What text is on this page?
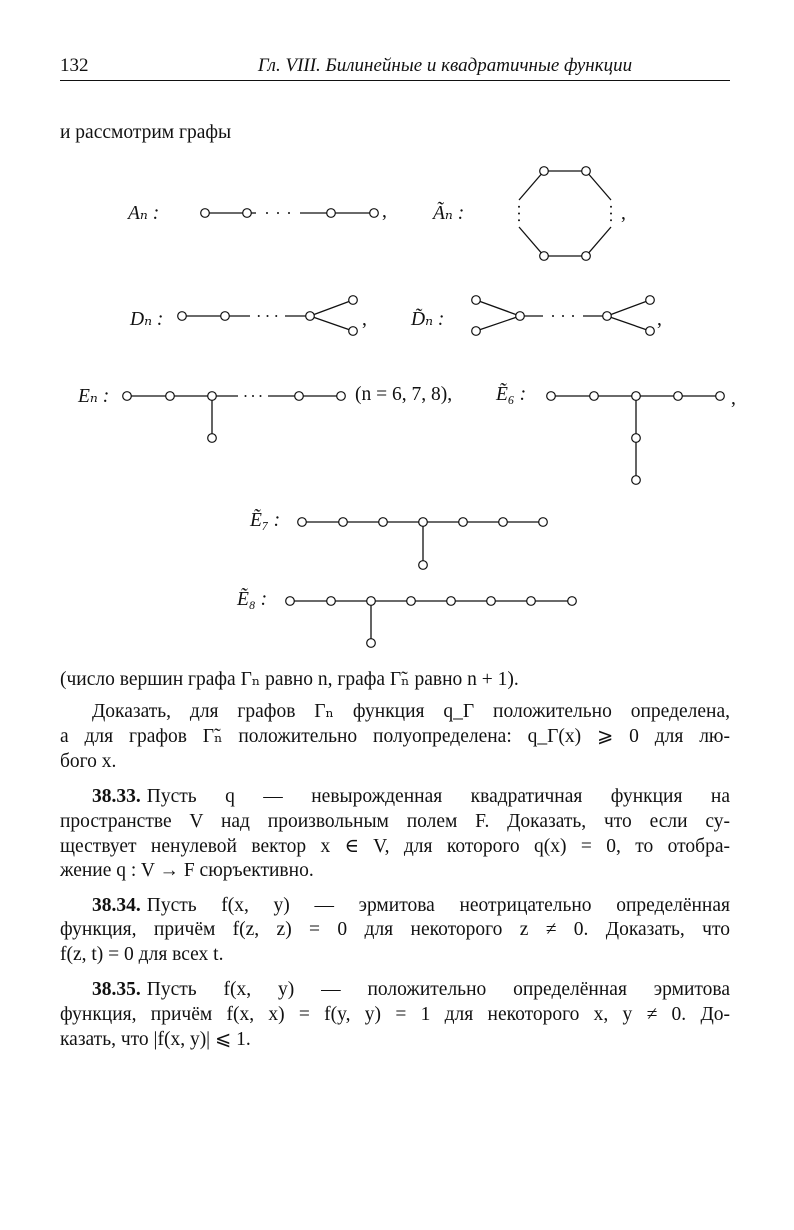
132	Гл. VIII. Билинейные и квадратичные функции
и рассмотрим графы
Aₙ :	, Ãₙ :	,
Dₙ :	, D̃ₙ :	,
Eₙ :	(n = 6, 7, 8), Ẽ₆ :	,
Ẽ₇ :
Ẽ₈ :
(число вершин графа Γₙ равно n, графа Γ̃ₙ равно n + 1).
Доказать, для графов Γₙ функция q_Γ положительно определена,
а для графов Γ̃ₙ положительно полуопределена: q_Γ(x) ⩾ 0 для лю-
бого x.
38.33. Пусть q — невырожденная квадратичная функция на
пространстве V над произвольным полем F. Доказать, что если су-
ществует ненулевой вектор x ∈ V, для которого q(x) = 0, то отобра-
жение q : V → F сюръективно.
38.34. Пусть f(x, y) — эрмитова неотрицательно определённая
функция, причём f(z, z) = 0 для некоторого z ≠ 0. Доказать, что
f(z, t) = 0 для всех t.
38.35. Пусть f(x, y) — положительно определённая эрмитова
функция, причём f(x, x) = f(y, y) = 1 для некоторого x, y ≠ 0. До-
казать, что |f(x, y)| ⩽ 1.
